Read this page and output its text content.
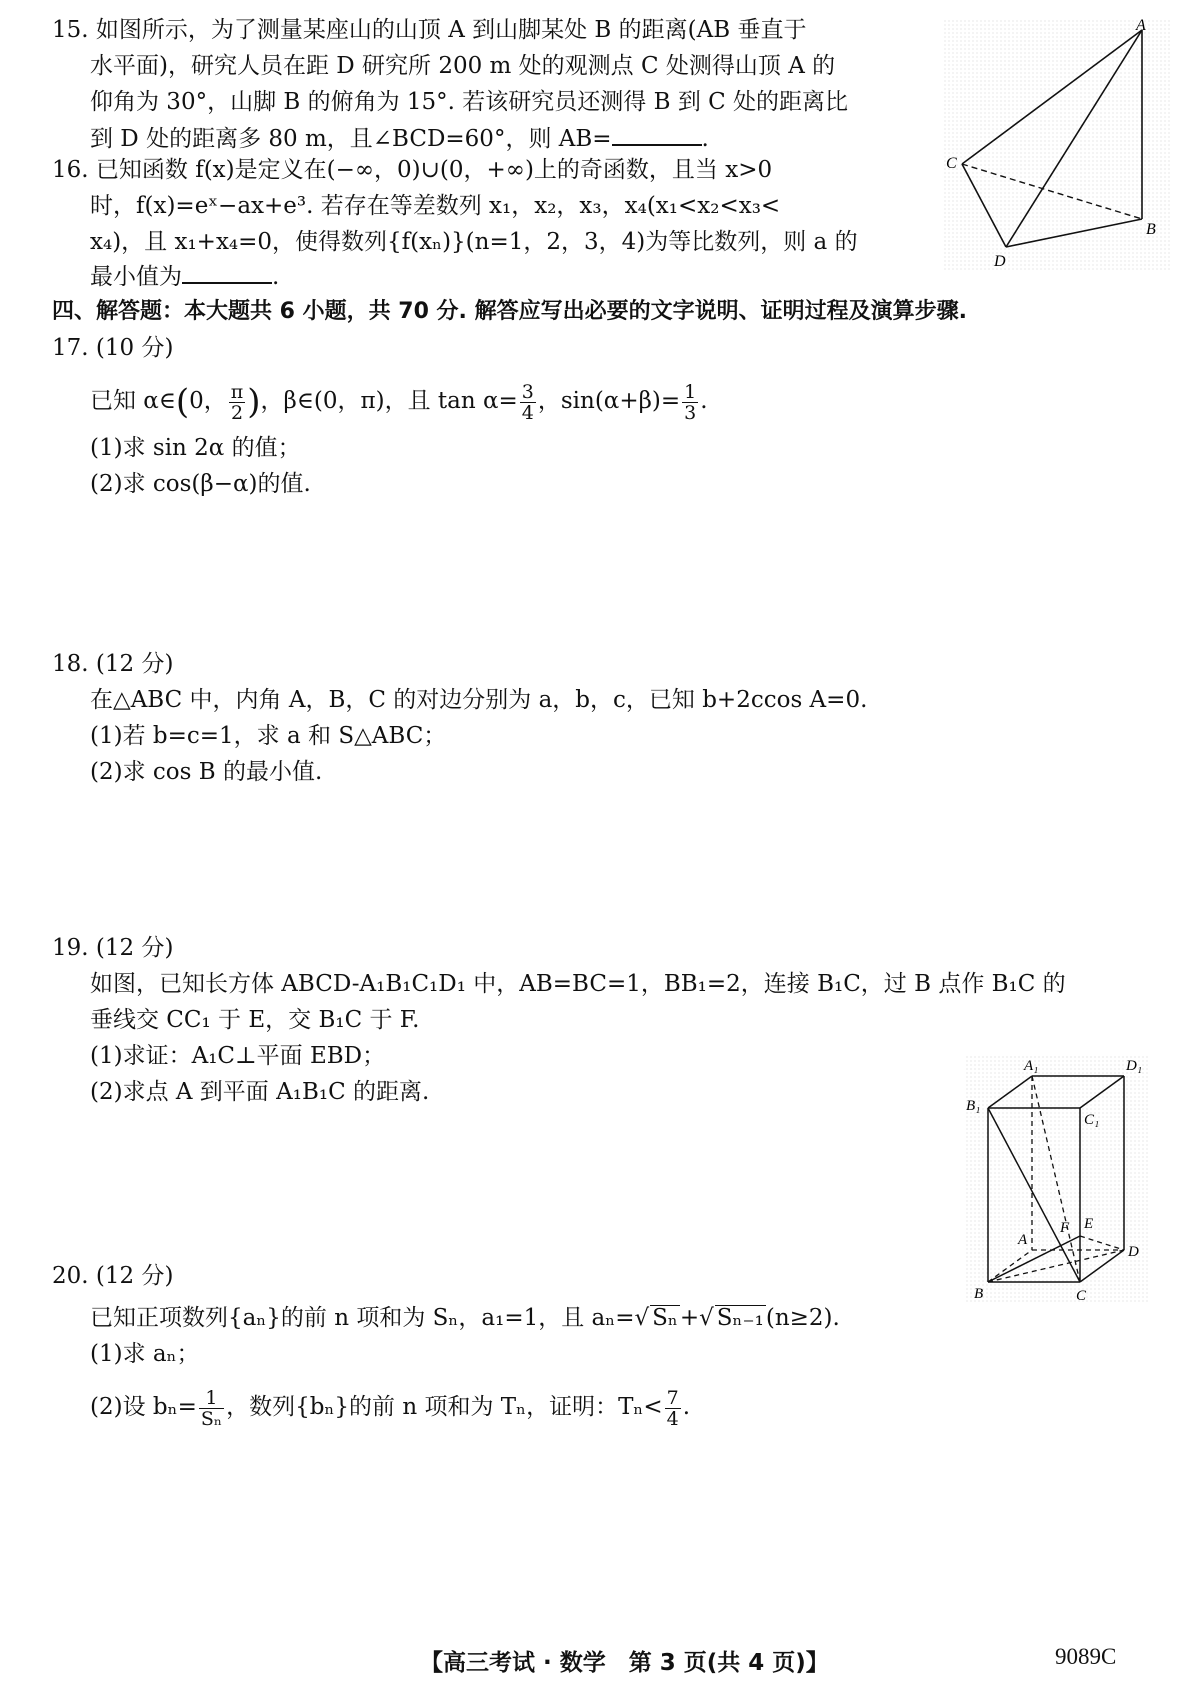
15. 如图所示，为了测量某座山的山顶 A 到山脚某处 B 的距离(AB 垂直于
水平面)，研究人员在距 D 研究所 200 m 处的观测点 C 处测得山顶 A 的
仰角为 30°，山脚 B 的俯角为 15°. 若该研究员还测得 B 到 C 处的距离比
到 D 处的距离多 80 m，且∠BCD=60°，则 AB=	.
16. 已知函数 f(x)是定义在(−∞，0)∪(0，+∞)上的奇函数，且当 x>0
时，f(x)=eˣ−ax+e³. 若存在等差数列 x₁，x₂，x₃，x₄(x₁<x₂<x₃<
x₄)，且 x₁+x₄=0，使得数列{f(xₙ)}(n=1，2，3，4)为等比数列，则 a 的
最小值为	.
A
C
B
D
四、解答题：本大题共 6 小题，共 70 分. 解答应写出必要的文字说明、证明过程及演算步骤.
17. (10 分)
已知 α∈(0， $\frac{\pi}{2}$ )，β∈(0，π)，且 $\tan \alpha= \frac{3}{4}$ ，$\sin(\alpha+\beta)= \frac{1}{3}$ .
(1)求 sin 2α 的值；
(2)求 cos(β−α)的值.
18. (12 分)
在△ABC 中，内角 A，B，C 的对边分别为 a，b，c，已知 b+2ccos A=0.
(1)若 b=c=1，求 a 和 S△ABC；
(2)求 cos B 的最小值.
19. (12 分)
如图，已知长方体 ABCD-A₁B₁C₁D₁ 中，AB=BC=1，BB₁=2，连接 B₁C，过 B 点作 B₁C 的
垂线交 CC₁ 于 E，交 B₁C 于 F.
(1)求证：A₁C⊥平面 EBD；
(2)求点 A 到平面 A₁B₁C 的距离.
A₁	D₁
B₁
C₁
A
F E
D
B	C
20. (12 分)
已知正项数列{aₙ}的前 n 项和为 Sₙ，a₁=1，且 aₙ=√ Sₙ+√ Sₙ₋₁(n≥2).
(1)求 aₙ；
(2)设 $b_n= \frac{1}{\text{Sₙ}}$ ，数列{bₙ}的前 n 项和为 Tₙ，证明：$T_n< \frac{7}{4}$ .
【高三考试 · 数学　第 3 页(共 4 页)】	9089C
